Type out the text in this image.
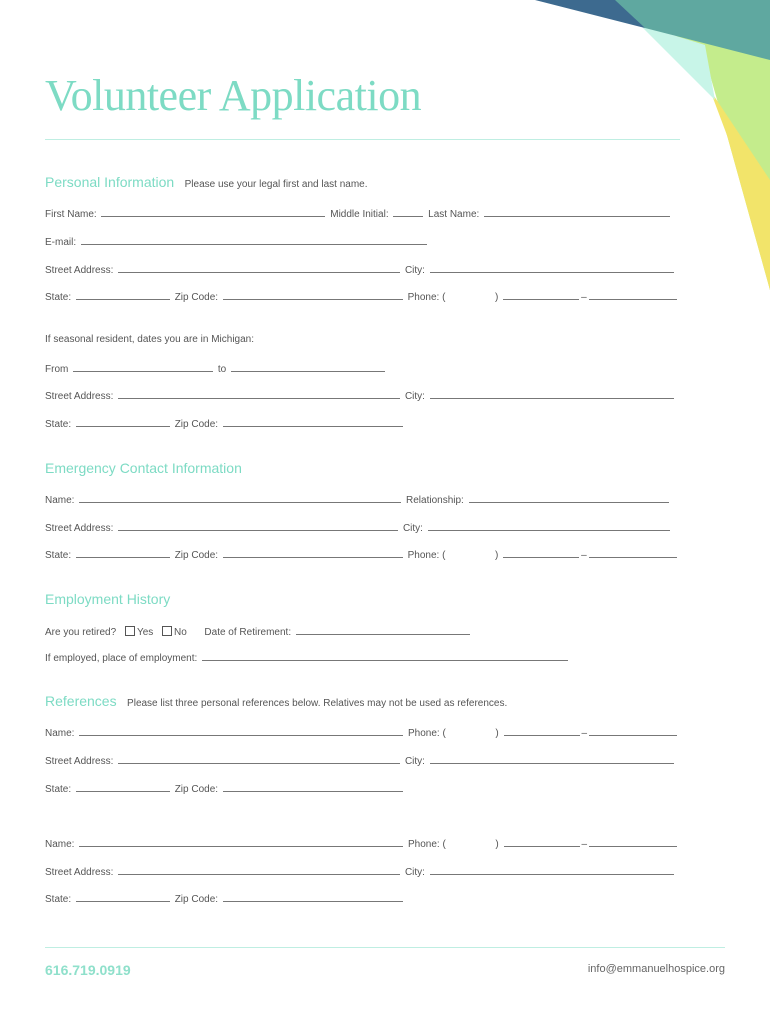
Volunteer Application
Personal Information Please use your legal first and last name.
First Name:	Middle Initial:	Last Name:
E-mail:
Street Address:	City:
State:	Zip Code:	Phone: (	)	–
If seasonal resident, dates you are in Michigan:
From	to
Street Address:	City:
State:	Zip Code:
Emergency Contact Information
Name:	Relationship:
Street Address:	City:
State:	Zip Code:	Phone: (	)	–
Employment History
Are you retired? Yes No Date of Retirement:
If employed, place of employment:
References Please list three personal references below. Relatives may not be used as references.
Name:	Phone: (	)	–
Street Address:	City:
State:	Zip Code:
Name:	Phone: (	)	–
Street Address:	City:
State:	Zip Code:
616.719.0919	info@emmanuelhospice.org
